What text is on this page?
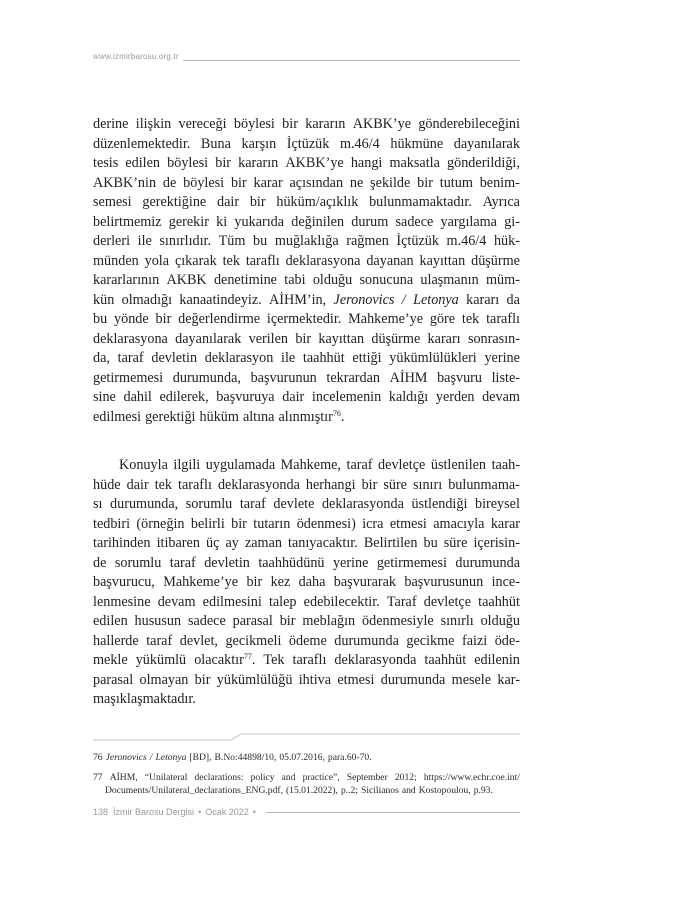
www.izmirbarosu.org.tr
derine ilişkin vereceği böylesi bir kararın AKBK’ye gönderebileceğini
düzenlemektedir. Buna karşın İçtüzük m.46/4 hükmüne dayanılarak
tesis edilen böylesi bir kararın AKBK’ye hangi maksatla gönderildiği,
AKBK’nin de böylesi bir karar açısından ne şekilde bir tutum benim-
semesi gerektiğine dair bir hüküm/açıklık bulunmamaktadır. Ayrıca
belirtmemiz gerekir ki yukarıda değinilen durum sadece yargılama gi-
derleri ile sınırlıdır. Tüm bu muğlaklığa rağmen İçtüzük m.46/4 hük-
münden yola çıkarak tek taraflı deklarasyona dayanan kayıttan düşürme
kararlarının AKBK denetimine tabi olduğu sonucuna ulaşmanın müm-
kün olmadığı kanaatindeyiz. AİHM’in, Jeronovics / Letonya kararı da
bu yönde bir değerlendirme içermektedir. Mahkeme’ye göre tek taraflı
deklarasyona dayanılarak verilen bir kayıttan düşürme kararı sonrasın-
da, taraf devletin deklarasyon ile taahhüt ettiği yükümlülükleri yerine
getirmemesi durumunda, başvurunun tekrardan AİHM başvuru liste-
sine dahil edilerek, başvuruya dair incelemenin kaldığı yerden devam
edilmesi gerektiği hüküm altına alınmıştır$^{76}$.
Konuyla ilgili uygulamada Mahkeme, taraf devletçe üstlenilen taah-
hüde dair tek taraflı deklarasyonda herhangi bir süre sınırı bulunmama-
sı durumunda, sorumlu taraf devlete deklarasyonda üstlendiği bireysel
tedbiri (örneğin belirli bir tutarın ödenmesi) icra etmesi amacıyla karar
tarihinden itibaren üç ay zaman tanıyacaktır. Belirtilen bu süre içerisin-
de sorumlu taraf devletin taahhüdünü yerine getirmemesi durumunda
başvurucu, Mahkeme’ye bir kez daha başvurarak başvurusunun ince-
lenmesine devam edilmesini talep edebilecektir. Taraf devletçe taahhüt
edilen hususun sadece parasal bir meblağın ödenmesiyle sınırlı olduğu
hallerde taraf devlet, gecikmeli ödeme durumunda gecikme faizi öde-
mekle yükümlü olacaktır$^{77}$. Tek taraflı deklarasyonda taahhüt edilenin
parasal olmayan bir yükümlülüğü ihtiva etmesi durumunda mesele kar-
maşıklaşmaktadır.
76 Jeronovics / Letonya [BD], B.No:44898/10, 05.07.2016, para.60-70.
77 AİHM, “Unilateral declarations: policy and practice”, September 2012; https://www.echr.coe.int/
Documents/Unilateral_declarations_ENG.pdf, (15.01.2022), p..2; Sicilianos and Kostopoulou, p.93.
138 İzmir Barosu Dergisi • Ocak 2022 •
